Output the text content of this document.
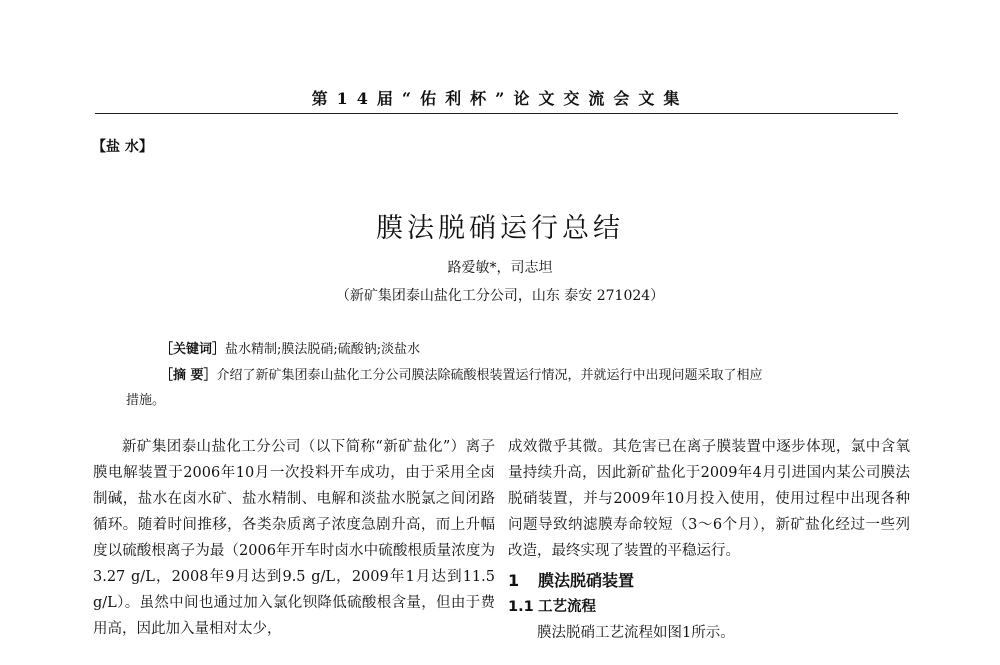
第14届“佑利杯”论文交流会文集
【盐 水】
膜法脱硝运行总结
路爱敏*，司志坦
（新矿集团泰山盐化工分公司，山东 泰安 271024）
［关键词］盐水精制;膜法脱硝;硫酸钠;淡盐水
［摘 要］介绍了新矿集团泰山盐化工分公司膜法除硫酸根装置运行情况，并就运行中出现问题采取了相应
措施。

新矿集团泰山盐化工分公司（以下简称“新矿盐化”）离子膜电解装置于2006年10月一次投料开车成功，由于采用全卤制碱，盐水在卤水矿、盐水精制、电解和淡盐水脱氯之间闭路循环。随着时间推移，各类杂质离子浓度急剧升高，而上升幅度以硫酸根离子为最（2006年开车时卤水中硫酸根质量浓度为3.27 g/L，2008年9月达到9.5 g/L，2009年1月达到11.5 g/L）。虽然中间也通过加入氯化钡降低硫酸根含量，但由于费用高，因此加入量相对太少，

成效微乎其微。其危害已在离子膜装置中逐步体现，氯中含氧量持续升高，因此新矿盐化于2009年4月引进国内某公司膜法脱硝装置，并与2009年10月投入使用，使用过程中出现各种问题导致纳滤膜寿命较短（3～6个月），新矿盐化经过一些列改造，最终实现了装置的平稳运行。

1 膜法脱硝装置
1.1 工艺流程

膜法脱硝工艺流程如图1所示。
